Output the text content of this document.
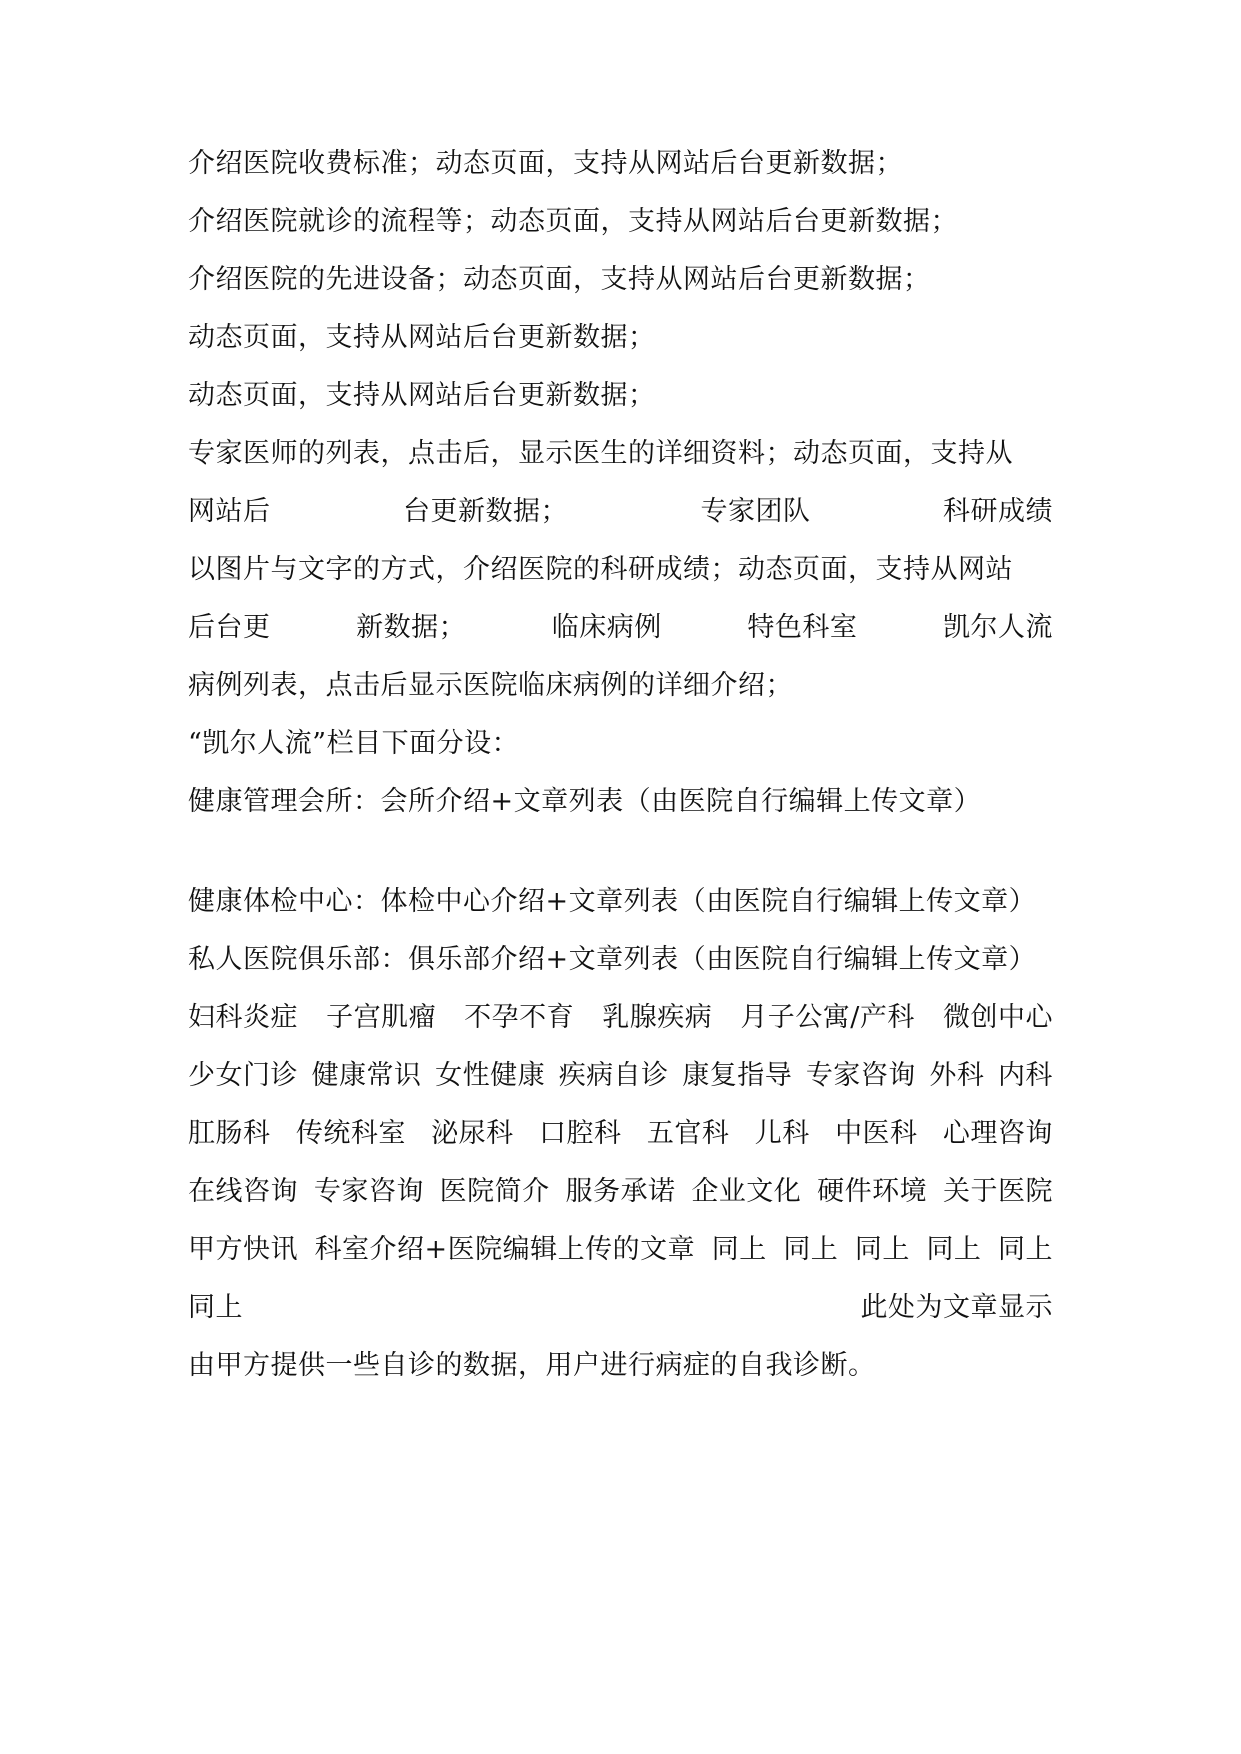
介绍医院收费标准；动态页面，支持从网站后台更新数据；
介绍医院就诊的流程等；动态页面，支持从网站后台更新数据；
介绍医院的先进设备；动态页面，支持从网站后台更新数据；
动态页面，支持从网站后台更新数据；
动态页面，支持从网站后台更新数据；
专家医师的列表，点击后，显示医生的详细资料；动态页面，支持从
网站后	台更新数据；	专家团队	科研成绩
以图片与文字的方式，介绍医院的科研成绩；动态页面，支持从网站
后台更	新数据；	临床病例	特色科室	凯尔人流
病例列表，点击后显示医院临床病例的详细介绍；
“凯尔人流”栏目下面分设：
健康管理会所：会所介绍+文章列表（由医院自行编辑上传文章）
健康体检中心：体检中心介绍+文章列表（由医院自行编辑上传文章）
私人医院俱乐部：俱乐部介绍+文章列表（由医院自行编辑上传文章）
妇科炎症 子宫肌瘤 不孕不育 乳腺疾病 月子公寓/产科 微创中心
少女门诊 健康常识 女性健康 疾病自诊 康复指导 专家咨询 外科 内科
肛肠科 传统科室 泌尿科 口腔科 五官科 儿科 中医科 心理咨询
在线咨询 专家咨询 医院简介 服务承诺 企业文化 硬件环境 关于医院
甲方快讯 科室介绍+医院编辑上传的文章 同上 同上 同上 同上 同上
同上	此处为文章显示
由甲方提供一些自诊的数据，用户进行病症的自我诊断。
